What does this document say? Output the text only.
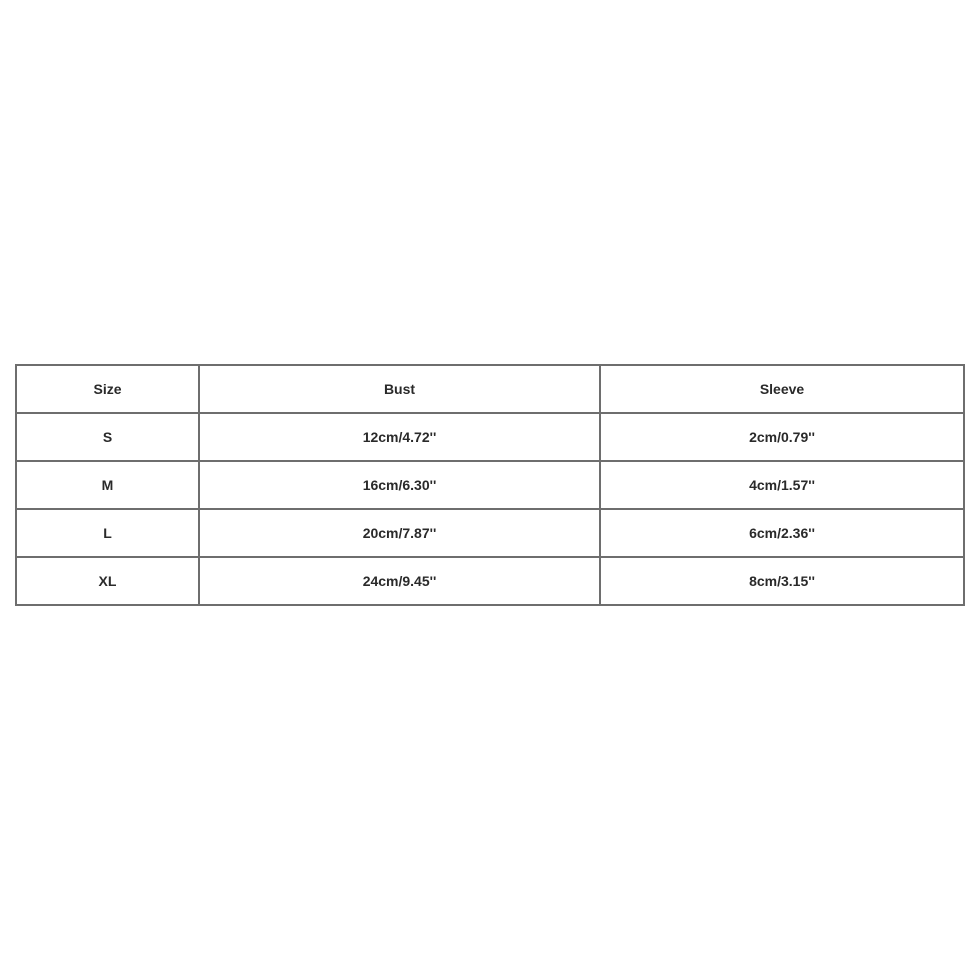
Size	Bust	Sleeve
S	12cm/4.72''	2cm/0.79''
M	16cm/6.30''	4cm/1.57''
L	20cm/7.87''	6cm/2.36''
XL	24cm/9.45''	8cm/3.15''
